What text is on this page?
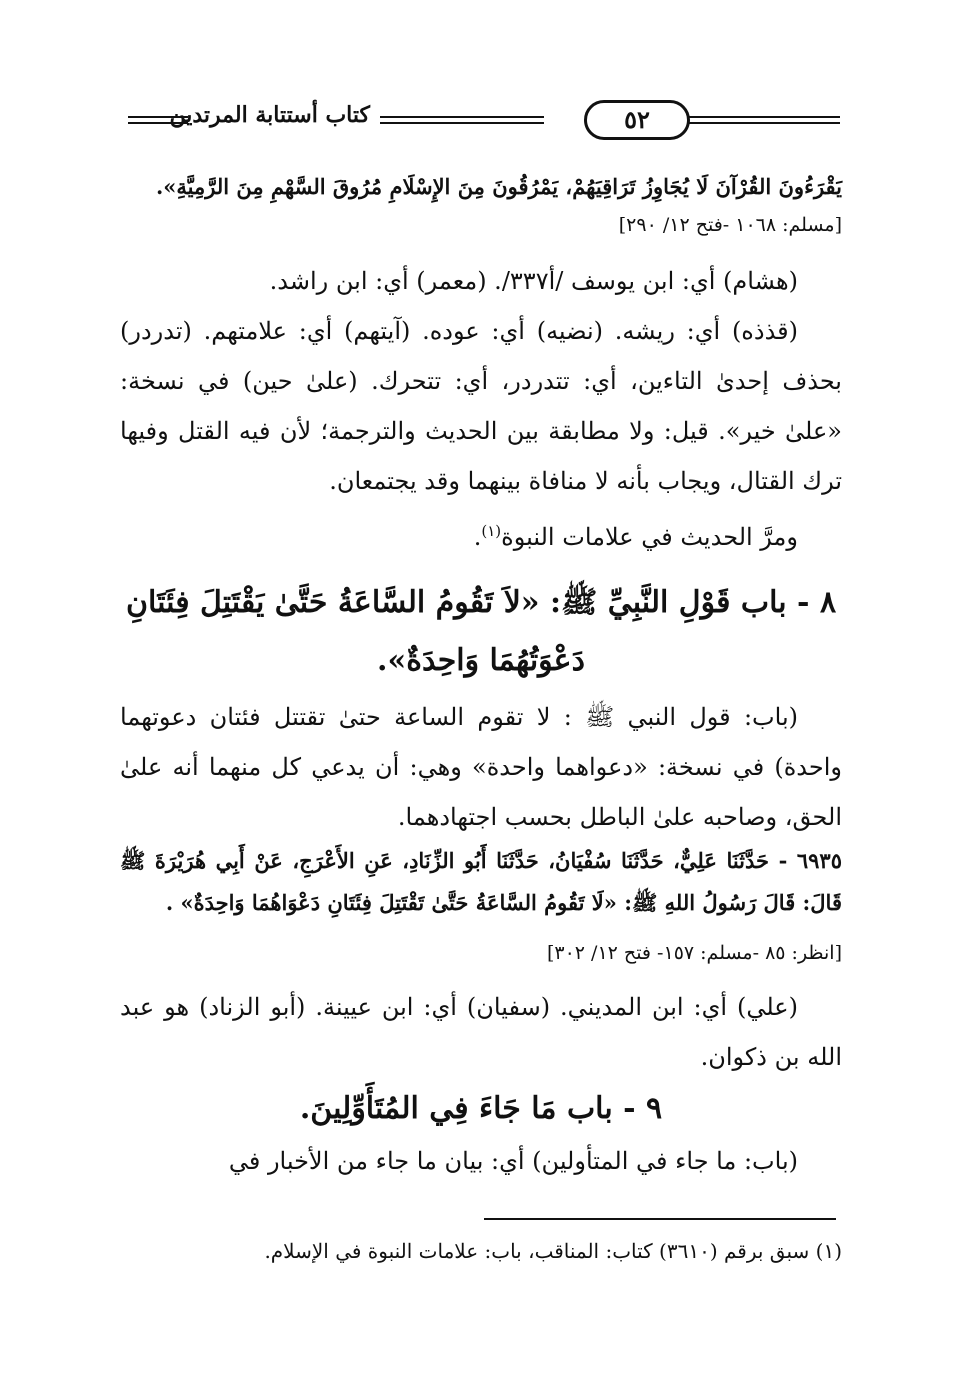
كتاب أستتابة المرتدين	٥٢
يَقْرَءُونَ القُرْآنَ لَا يُجَاوِزُ تَرَاقِيَهُمْ، يَمْرُقُونَ مِنَ الإِسْلَامِ مُرُوقَ السَّهْمِ مِنَ الرَّمِيَّةِ».
[مسلم: ١٠٦٨ -فتح ١٢/ ٢٩٠]
(هشام) أي: ابن يوسف /أ٣٣٧/. (معمر) أي: ابن راشد.
(قذذه) أي: ريشه. (نضيه) أي: عوده. (آيتهم) أي: علامتهم. (تدردر) بحذف إحدىٰ التاءين، أي: تتدردر، أي: تتحرك. (علىٰ حين) في نسخة: «علىٰ خير». قيل: ولا مطابقة بين الحديث والترجمة؛ لأن فيه القتل وفيها ترك القتال، ويجاب بأنه لا منافاة بينهما وقد يجتمعان.
ومرَّ الحديث في علامات النبوة$^{(١)}$.
٨ - باب قَوْلِ النَّبِيِّ ﷺ: «لاَ تَقُومُ السَّاعَةُ حَتَّىٰ يَقْتَتِلَ فِئَتَانِ دَعْوَتُهُمَا وَاحِدَةٌ».
(باب: قول النبي ﷺ : لا تقوم الساعة حتىٰ تقتتل فئتان دعوتهما واحدة) في نسخة: «دعواهما واحدة» وهي: أن يدعي كل منهما أنه علىٰ الحق، وصاحبه علىٰ الباطل بحسب اجتهادهما.
٦٩٣٥ - حَدَّثَنَا عَلِيٌّ، حَدَّثَنَا سُفْيَانُ، حَدَّثَنَا أَبُو الزِّنَادِ، عَنِ الأَعْرَجِ، عَنْ أَبِي هُرَيْرَةَ ﷺ قَالَ: قَالَ رَسُولُ اللهِ ﷺ: «لَا تَقُومُ السَّاعَةُ حَتَّىٰ تَقْتَتِلَ فِئَتَانِ دَعْوَاهُمَا وَاحِدَةٌ» .
[انظر: ٨٥ -مسلم: ١٥٧- فتح ١٢/ ٣٠٢]
(علي) أي: ابن المديني. (سفيان) أي: ابن عيينة. (أبو الزناد) هو عبد الله بن ذكوان.
٩ - باب مَا جَاءَ فِي المُتَأَوِّلِينَ.
(باب: ما جاء في المتأولين) أي: بيان ما جاء من الأخبار في
(١) سبق برقم (٣٦١٠) كتاب: المناقب، باب: علامات النبوة في الإسلام.
